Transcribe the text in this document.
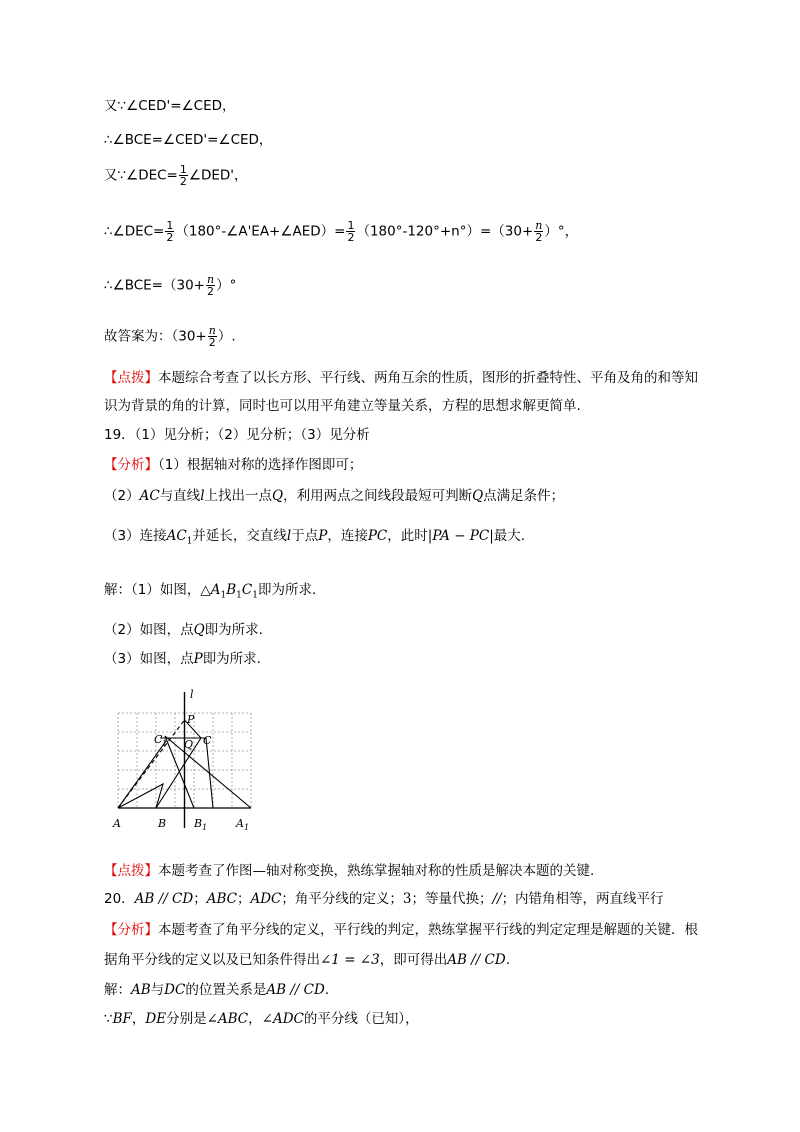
又∵∠CED'=∠CED，
∴∠BCE=∠CED'=∠CED，
又∵∠DEC= $\frac{1}{2}$ ∠DED'，
∴∠DEC= $\frac{1}{2}$ （180°-∠A'EA+∠AED）= $\frac{1}{2} (180^\circ-120^\circ+n^\circ)=(30+ \frac{n}{2}$ ）°，
∴∠BCE=（30+ $\frac{n}{2}$ ）°
故答案为：（$30+ \frac{n}{2}$ ）.
【点拨】本题综合考查了以长方形、平行线、两角互余的性质，图形的折叠特性、平角及角的和等知
识为背景的角的计算，同时也可以用平角建立等量关系，方程的思想求解更简单.
19．（1）见分析；（2）见分析；（3）见分析
【分析】（1）根据轴对称的选择作图即可；
（2）AC与直线l上找出一点Q，利用两点之间线段最短可判断Q点满足条件；
（3）连接$AC_1$并延长，交直线l于点P，连接PC，此时|PA − PC|最大.
解：（1）如图，$\triangle A_1B_1C_1$即为所求.
（2）如图，点Q即为所求.
（3）如图，点P即为所求.
l
P
C 1 Q C
A	B	B 1	A 1
【点拨】本题考查了作图—轴对称变换，熟练掌握轴对称的性质是解决本题的关键.
20．AB // CD；ABC；ADC；角平分线的定义；3；等量代换；//；内错角相等，两直线平行
【分析】本题考查了角平分线的定义，平行线的判定，熟练掌握平行线的判定定理是解题的关键．根
据角平分线的定义以及已知条件得出∠1 = ∠3，即可得出AB // CD.
解：AB与DC的位置关系是AB // CD.
∵BF，DE分别是∠ABC，∠ADC的平分线（已知），
